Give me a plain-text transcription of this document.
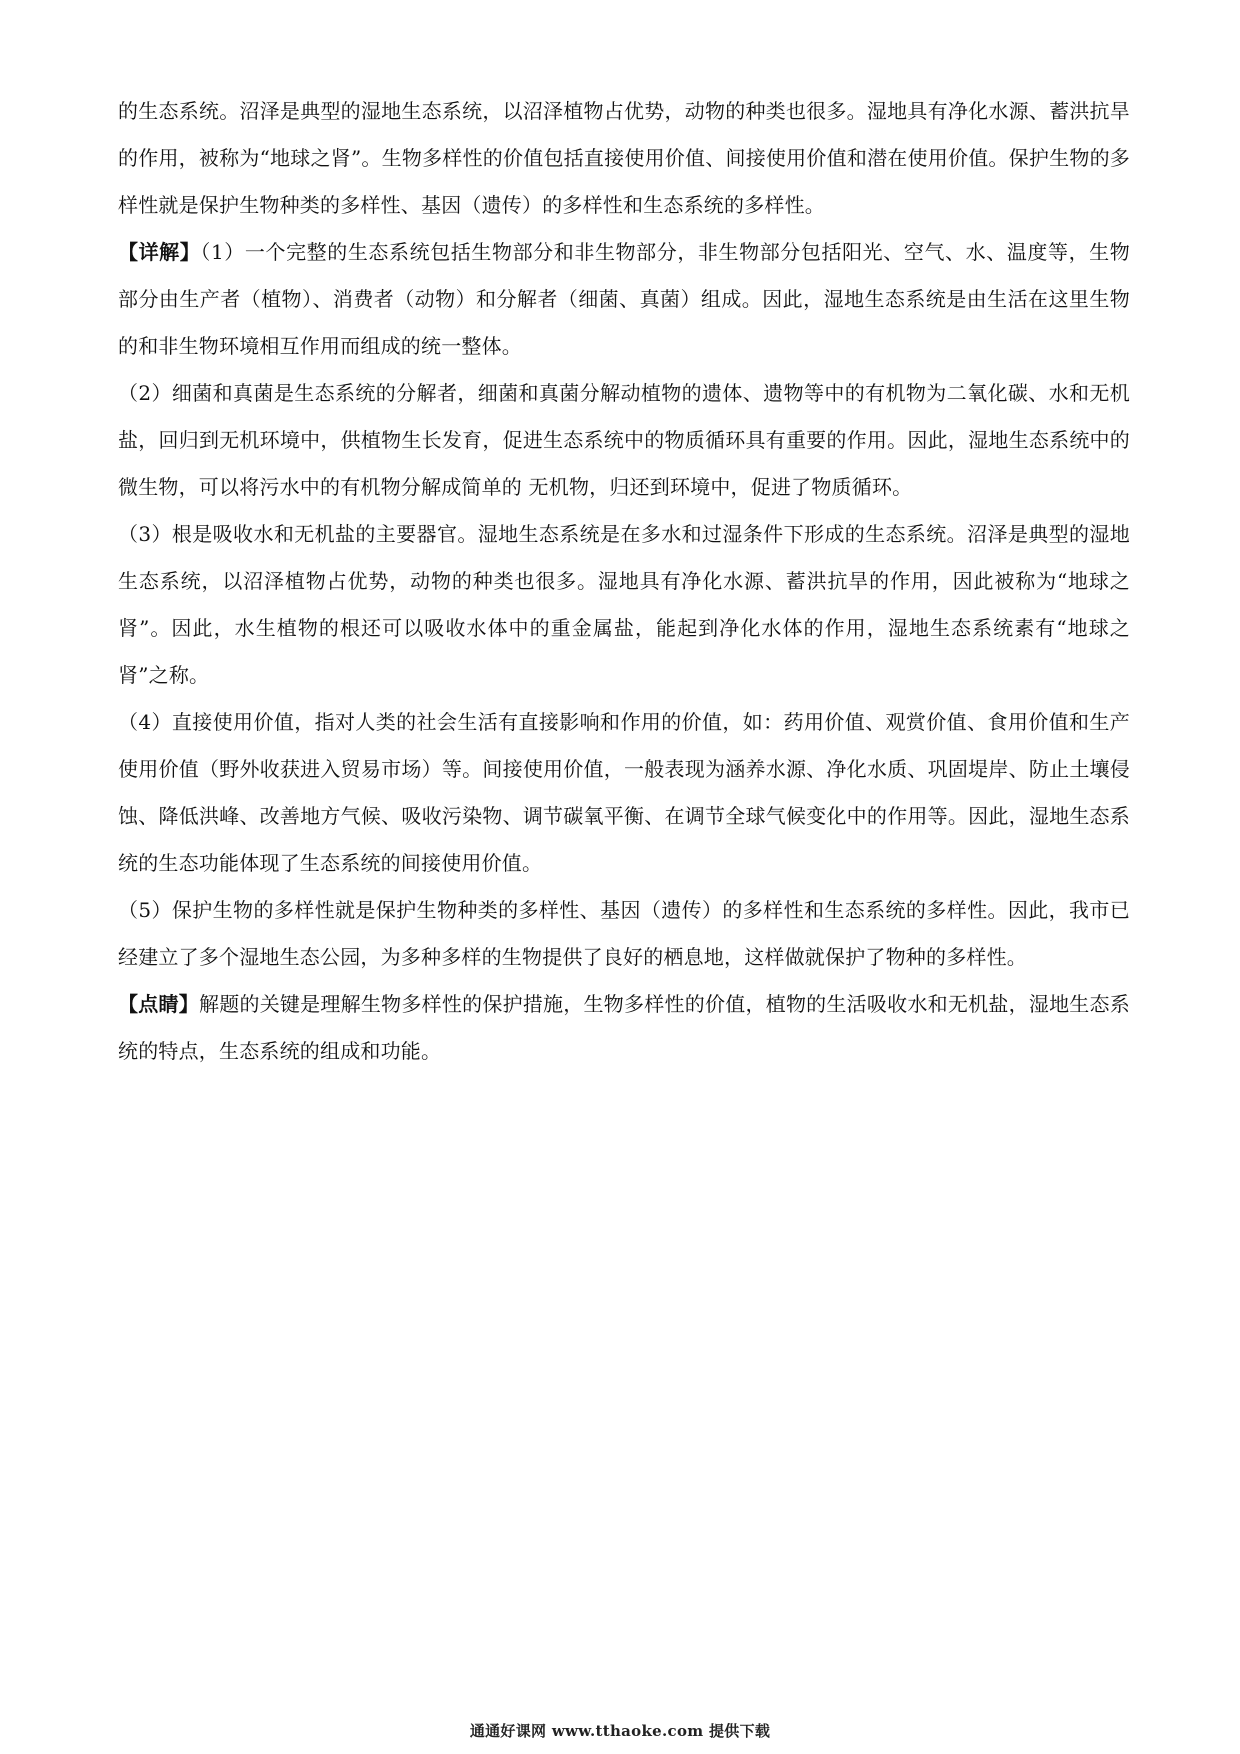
的生态系统。沼泽是典型的湿地生态系统，以沼泽植物占优势，动物的种类也很多。湿地具有净化水源、蓄洪抗旱的作用，被称为“地球之肾”。生物多样性的价值包括直接使用价值、间接使用价值和潜在使用价值。保护生物的多样性就是保护生物种类的多样性、基因（遗传）的多样性和生态系统的多样性。

【详解】（1）一个完整的生态系统包括生物部分和非生物部分，非生物部分包括阳光、空气、水、温度等，生物部分由生产者（植物）、消费者（动物）和分解者（细菌、真菌）组成。因此，湿地生态系统是由生活在这里生物的和非生物环境相互作用而组成的统一整体。

（2）细菌和真菌是生态系统的分解者，细菌和真菌分解动植物的遗体、遗物等中的有机物为二氧化碳、水和无机盐，回归到无机环境中，供植物生长发育，促进生态系统中的物质循环具有重要的作用。因此，湿地生态系统中的微生物，可以将污水中的有机物分解成简单的 无机物，归还到环境中，促进了物质循环。

（3）根是吸收水和无机盐的主要器官。湿地生态系统是在多水和过湿条件下形成的生态系统。沼泽是典型的湿地生态系统，以沼泽植物占优势，动物的种类也很多。湿地具有净化水源、蓄洪抗旱的作用，因此被称为“地球之肾”。因此，水生植物的根还可以吸收水体中的重金属盐，能起到净化水体的作用，湿地生态系统素有“地球之肾”之称。

（4）直接使用价值，指对人类的社会生活有直接影响和作用的价值，如：药用价值、观赏价值、食用价值和生产使用价值（野外收获进入贸易市场）等。间接使用价值，一般表现为涵养水源、净化水质、巩固堤岸、防止土壤侵蚀、降低洪峰、改善地方气候、吸收污染物、调节碳氧平衡、在调节全球气候变化中的作用等。因此，湿地生态系统的生态功能体现了生态系统的间接使用价值。

（5）保护生物的多样性就是保护生物种类的多样性、基因（遗传）的多样性和生态系统的多样性。因此，我市已经建立了多个湿地生态公园，为多种多样的生物提供了良好的栖息地，这样做就保护了物种的多样性。

【点睛】解题的关键是理解生物多样性的保护措施，生物多样性的价值，植物的生活吸收水和无机盐，湿地生态系统的特点，生态系统的组成和功能。

通通好课网 www.tthaoke.com 提供下载
